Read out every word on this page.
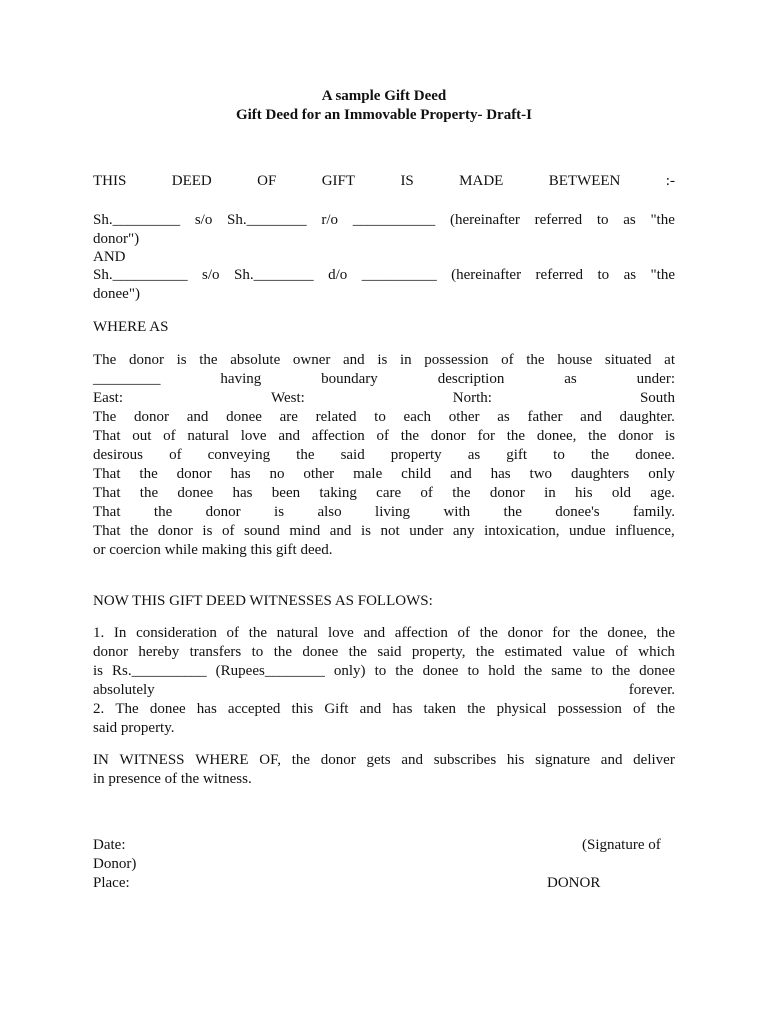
A sample Gift Deed
Gift Deed for an Immovable Property- Draft-I
THIS	DEED	OF	GIFT	IS	MADE	BETWEEN	:-
Sh._________ s/o Sh.________ r/o ___________ (hereinafter referred to as "the
donor")
AND
Sh.__________ s/o Sh.________ d/o __________ (hereinafter referred to as "the
donee")
WHERE AS
or coercion while making this gift deed.
NOW THIS GIFT DEED WITNESSES AS FOLLOWS:
said property.
in presence of the witness.
Date:	(Signature of
Donor)
Place:	DONOR
The donor is the absolute owner and is in possession of the house situated at
_________	having	boundary	description	as	under:
East:	West:	North:	South
The donor and donee are related to each other as father and daughter.
That out of natural love and affection of the donor for the donee, the donor is
desirous of conveying the said property as gift to the donee.
That the donor has no other male child and has two daughters only
That the donee has been taking care of the donor in his old age.
That the donor is also living with the donee's family.
That the donor is of sound mind and is not under any intoxication, undue influence,
1. In consideration of the natural love and affection of the donor for the donee, the
donor hereby transfers to the donee the said property, the estimated value of which
is Rs.__________ (Rupees________ only) to the donee to hold the same to the donee
absolutely	forever.
2. The donee has accepted this Gift and has taken the physical possession of the
IN WITNESS WHERE OF, the donor gets and subscribes his signature and deliver
